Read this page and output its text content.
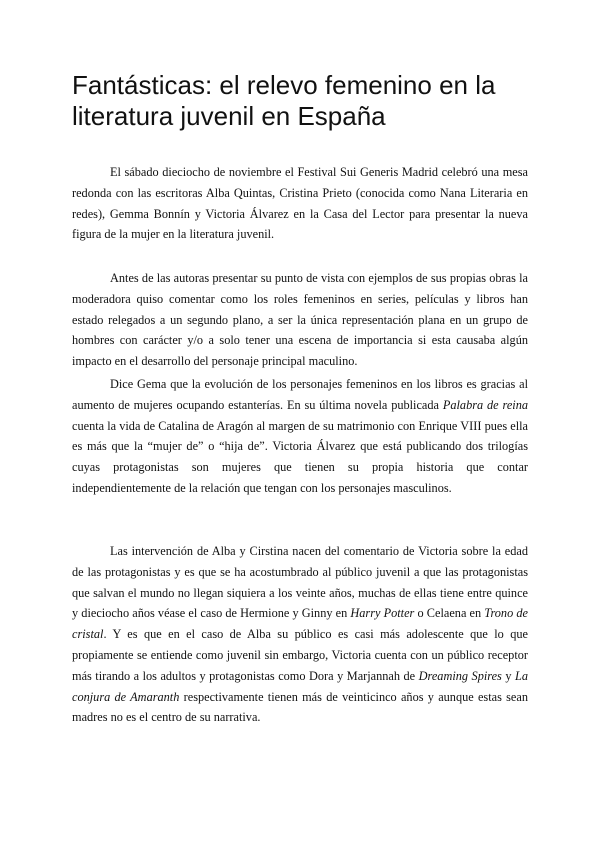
Fantásticas: el relevo femenino en la literatura juvenil en España

El sábado dieciocho de noviembre el Festival Sui Generis Madrid celebró una mesa redonda con las escritoras Alba Quintas, Cristina Prieto (conocida como Nana Literaria en redes), Gemma Bonnín y Victoria Álvarez en la Casa del Lector para presentar la nueva figura de la mujer en la literatura juvenil.

Antes de las autoras presentar su punto de vista con ejemplos de sus propias obras la moderadora quiso comentar como los roles femeninos en series, películas y libros han estado relegados a un segundo plano, a ser la única representación plana en un grupo de hombres con carácter y/o a solo tener una escena de importancia si esta causaba algún impacto en el desarrollo del personaje principal maculino.

Dice Gema que la evolución de los personajes femeninos en los libros es gracias al aumento de mujeres ocupando estanterías. En su última novela publicada Palabra de reina cuenta la vida de Catalina de Aragón al margen de su matrimonio con Enrique VIII pues ella es más que la “mujer de” o “hija de”. Victoria Álvarez que está publicando dos trilogías cuyas protagonistas son mujeres que tienen su propia historia que contar independientemente de la relación que tengan con los personajes masculinos.

Las intervención de Alba y Cirstina nacen del comentario de Victoria sobre la edad de las protagonistas y es que se ha acostumbrado al público juvenil a que las protagonistas que salvan el mundo no llegan siquiera a los veinte años, muchas de ellas tiene entre quince y dieciocho años véase el caso de Hermione y Ginny en Harry Potter o Celaena en Trono de cristal. Y es que en el caso de Alba su público es casi más adolescente que lo que propiamente se entiende como juvenil sin embargo, Victoria cuenta con un público receptor más tirando a los adultos y protagonistas como Dora y Marjannah de Dreaming Spires y La conjura de Amaranth respectivamente tienen más de veinticinco años y aunque estas sean madres no es el centro de su narrativa.
